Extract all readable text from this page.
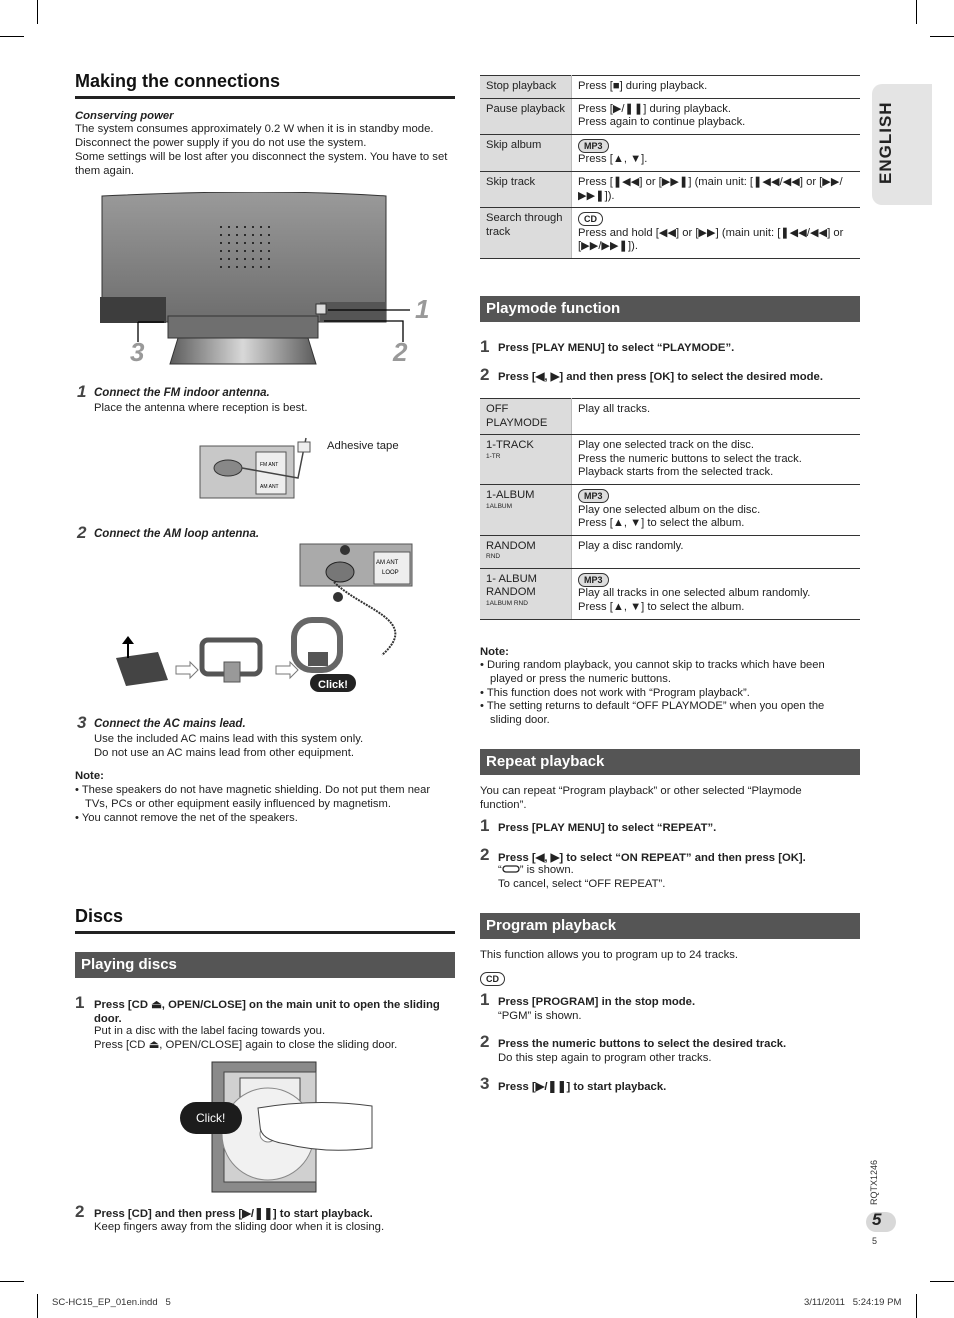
Making the connections
Conserving power
The system consumes approximately 0.2 W when it is in standby mode. Disconnect the power supply if you do not use the system.
Some settings will be lost after you disconnect the system. You have to set them again.
1
2
3
1 Connect the FM indoor antenna.
Place the antenna where reception is best.
FM ANT
AM ANT
Adhesive tape
2 Connect the AM loop antenna.
AM ANT
LOOP
Click!
3 Connect the AC mains lead.
Use the included AC mains lead with this system only.
Do not use an AC mains lead from other equipment.
Note:
• These speakers do not have magnetic shielding. Do not put them near TVs, PCs or other equipment easily influenced by magnetism.
• You cannot remove the net of the speakers.
Discs
Playing discs
1 Press [CD ⏏, OPEN/CLOSE] on the main unit to open the sliding door.
Put in a disc with the label facing towards you.
Press [CD ⏏, OPEN/CLOSE] again to close the sliding door.
Click!
2 Press [CD] and then press [▶/❚❚] to start playback.
Keep fingers away from the sliding door when it is closing.
Stop playback	Press [■] during playback.
Pause playback	Press [▶/❚❚] during playback.
Press again to continue playback.
Skip album	MP3
Press [▲, ▼].
Skip track	Press [❚◀◀] or [▶▶❚] (main unit: [❚◀◀/◀◀] or [▶▶/▶▶❚]).
Search through track	CD
Press and hold [◀◀] or [▶▶] (main unit: [❚◀◀/◀◀] or [▶▶/▶▶❚]).
Playmode function
1 Press [PLAY MENU] to select “PLAYMODE”.
2 Press [◀, ▶] and then press [OK] to select the desired mode.
OFF PLAYMODE	Play all tracks.
1-TRACK
1-TR	Play one selected track on the disc.
Press the numeric buttons to select the track.
Playback starts from the selected track.
1-ALBUM
1ALBUM	MP3
Play one selected album on the disc.
Press [▲, ▼] to select the album.
RANDOM
RND	Play a disc randomly.
1- ALBUM RANDOM
1ALBUM RND	MP3
Play all tracks in one selected album randomly.
Press [▲, ▼] to select the album.
Note:
• During random playback, you cannot skip to tracks which have been played or press the numeric buttons.
• This function does not work with “Program playback”.
• The setting returns to default “OFF PLAYMODE” when you open the sliding door.
Repeat playback
You can repeat “Program playback” or other selected “Playmode function”.
1 Press [PLAY MENU] to select “REPEAT”.
2 Press [◀, ▶] to select “ON REPEAT” and then press [OK].
“ ” is shown.
To cancel, select “OFF REPEAT”.
Program playback
This function allows you to program up to 24 tracks.
CD
1 Press [PROGRAM] in the stop mode.
“PGM” is shown.
2 Press the numeric buttons to select the desired track.
Do this step again to program other tracks.
3 Press [▶/❚❚] to start playback.
ENGLISH
RQTX1246
5
5
SC-HC15_EP_01en.indd   5	3/11/2011   5:24:19 PM
